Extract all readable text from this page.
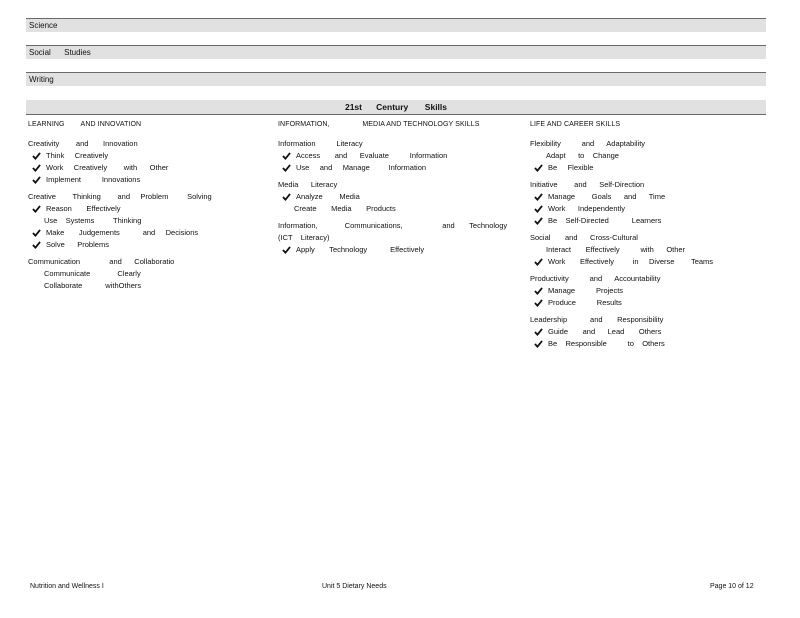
Science
Social      Studies
Writing
21st      Century       Skills
LEARNING        AND INNOVATION
Creativity        and       Innovation
Think     Creatively
Work     Creatively        with      Other
Implement          Innovations
Creative        Thinking        and     Problem         Solving
Reason       Effectively
Use    Systems         Thinking
Make       Judgements           and     Decisions
Solve      Problems
Communication              and      Collaboratio
Communicate             Clearly
Collaborate           withOthers
INFORMATION,                MEDIA AND TECHNOLOGY SKILLS
Information          Literacy
Access       and      Evaluate          Information
Use     and     Manage         Information
Media      Literacy
Analyze        Media
Create       Media       Products
Information,             Communications,                   and       Technology
(ICT    Literacy)
Apply       Technology           Effectively
LIFE AND CAREER SKILLS
Flexibility          and      Adaptability
Adapt      to    Change
Be     Flexible
Initiative        and      Self-Direction
Manage        Goals      and      Time
Work      Independently
Be    Self-Directed           Learners
Social       and      Cross-Cultural
Interact       Effectively          with      Other
Work       Effectively         in     Diverse        Teams
Productivity          and      Accountability
Manage          Projects
Produce          Results
Leadership           and       Responsibility
Guide       and      Lead       Others
Be    Responsible          to    Others
Nutrition and Wellness I	Unit 5 Dietary Needs	Page 10 of 12
